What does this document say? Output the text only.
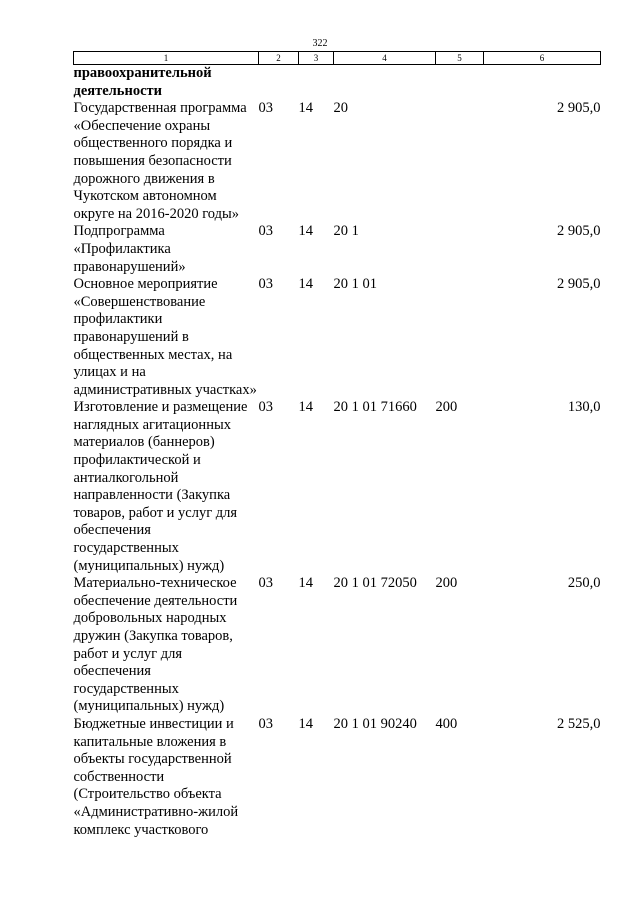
322
1	2	3	4	5	6
правоохранительной деятельности					
Государственная программа «Обеспечение охраны общественного порядка и повышения безопасности дорожного движения в Чукотском автономном округе на 2016-2020 годы»	03	14	20		2 905,0
Подпрограмма «Профилактика правонарушений»	03	14	20 1		2 905,0
Основное мероприятие «Совершенствование профилактики правонарушений в общественных местах, на улицах и на административных участках»	03	14	20 1 01		2 905,0
Изготовление и размещение наглядных агитационных материалов (баннеров) профилактической и антиалкогольной направленности (Закупка товаров, работ и услуг для обеспечения государственных (муниципальных) нужд)	03	14	20 1 01 71660	200	130,0
Материально-техническое обеспечение деятельности добровольных народных дружин (Закупка товаров, работ и услуг для обеспечения государственных (муниципальных) нужд)	03	14	20 1 01 72050	200	250,0
Бюджетные инвестиции и капитальные вложения в объекты государственной собственности (Строительство объекта «Административно-жилой комплекс участкового	03	14	20 1 01 90240	400	2 525,0
